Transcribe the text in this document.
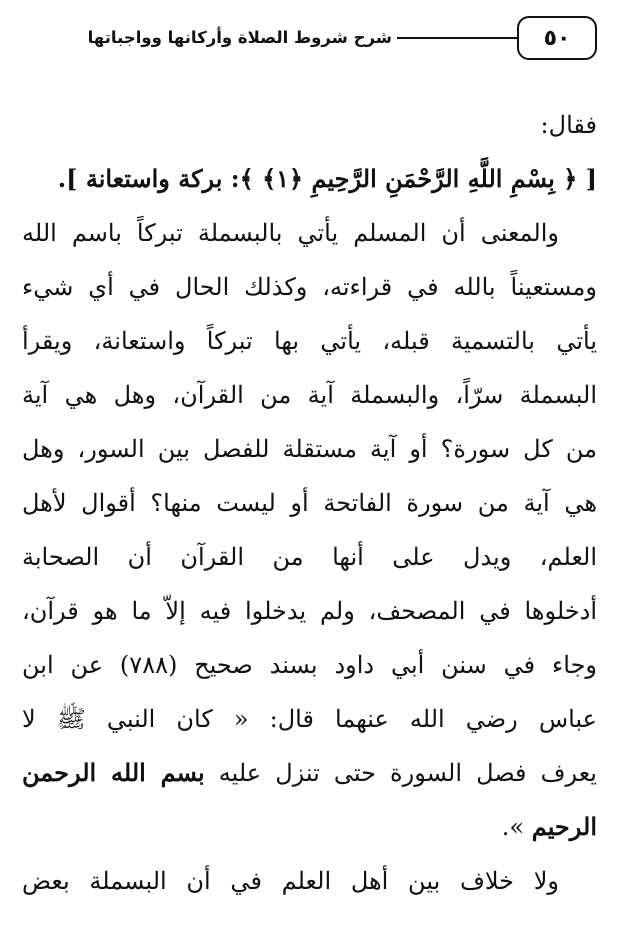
٥٠
شرح شروط الصلاة وأركانها وواجباتها
فقال:
[ ﴿ بِسْمِ اللَّهِ الرَّحْمَنِ الرَّحِيمِ ﴿١﴾ ﴾: بركة واستعانة ].
والمعنى أن المسلم يأتي بالبسملة تبركاً باسم الله
ومستعيناً بالله في قراءته، وكذلك الحال في أي شيء
يأتي بالتسمية قبله، يأتي بها تبركاً واستعانة، ويقرأ
البسملة سرّاً، والبسملة آية من القرآن، وهل هي آية
من كل سورة؟ أو آية مستقلة للفصل بين السور، وهل
هي آية من سورة الفاتحة أو ليست منها؟ أقوال لأهل
العلم، ويدل على أنها من القرآن أن الصحابة
أدخلوها في المصحف، ولم يدخلوا فيه إلاّ ما هو قرآن،
وجاء في سنن أبي داود بسند صحيح (٧٨٨) عن ابن
عباس رضي الله عنهما قال: « كان النبي ﷺ لا
يعرف فصل السورة حتى تنزل عليه بسم الله الرحمن
الرحيم ».
ولا خلاف بين أهل العلم في أن البسملة بعض
